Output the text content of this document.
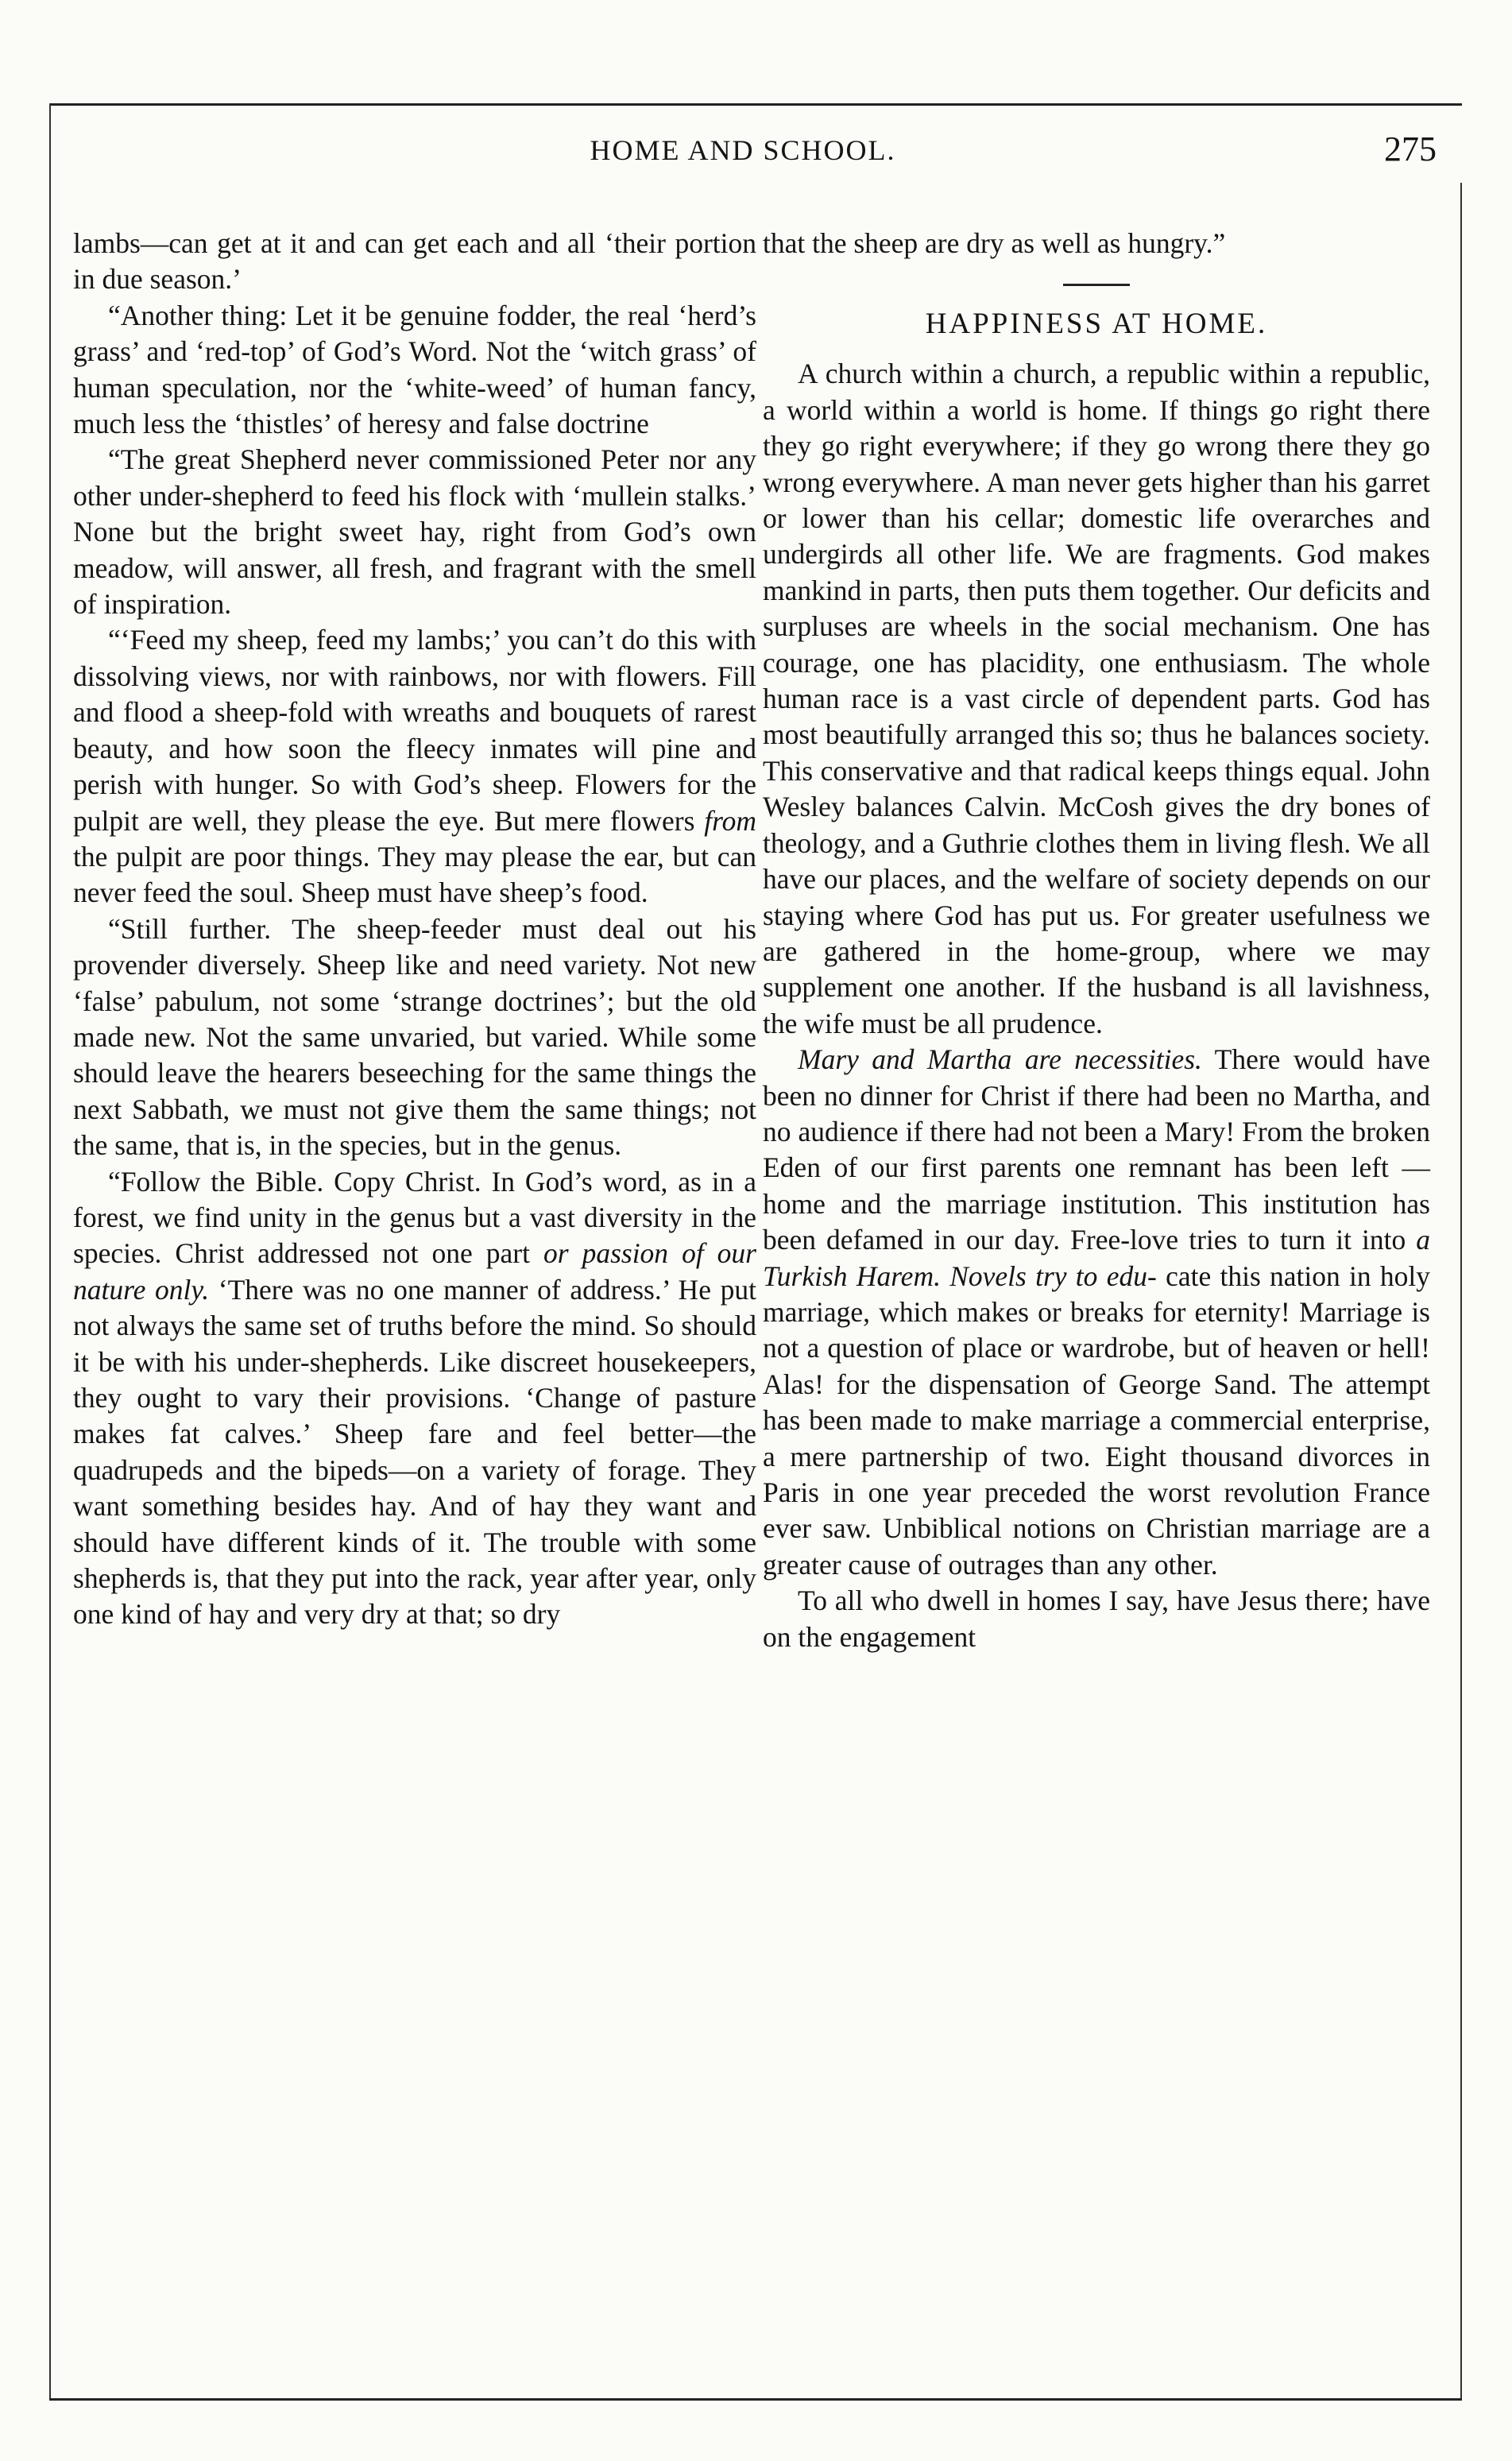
HOME AND SCHOOL.	275

lambs—can get at it and can get each and all ‘their portion in due season.’

“Another thing: Let it be genuine fodder, the real ‘herd’s grass’ and ‘red-top’ of God’s Word. Not the ‘witch grass’ of human speculation, nor the ‘white-weed’ of human fancy, much less the ‘thistles’ of heresy and false doctrine

“The great Shepherd never commissioned Peter nor any other under-shepherd to feed his flock with ‘mullein stalks.’ None but the bright sweet hay, right from God’s own meadow, will answer, all fresh, and fragrant with the smell of inspiration.

“‘Feed my sheep, feed my lambs;’ you can’t do this with dissolving views, nor with rainbows, nor with flowers. Fill and flood a sheep-fold with wreaths and bouquets of rarest beauty, and how soon the fleecy inmates will pine and perish with hunger. So with God’s sheep. Flowers for the pulpit are well, they please the eye. But mere flowers from the pulpit are poor things. They may please the ear, but can never feed the soul. Sheep must have sheep’s food.

“Still further. The sheep-feeder must deal out his provender diversely. Sheep like and need variety. Not new ‘false’ pabulum, not some ‘strange doctrines’; but the old made new. Not the same unvaried, but varied. While some should leave the hearers beseeching for the same things the next Sabbath, we must not give them the same things; not the same, that is, in the species, but in the genus.

“Follow the Bible. Copy Christ. In God’s word, as in a forest, we find unity in the genus but a vast diversity in the species. Christ addressed not one part or passion of our nature only. ‘There was no one manner of address.’ He put not always the same set of truths before the mind. So should it be with his under-shepherds. Like discreet housekeepers, they ought to vary their provisions. ‘Change of pasture makes fat calves.’ Sheep fare and feel better—the quadrupeds and the bipeds—on a variety of forage. They want something besides hay. And of hay they want and should have different kinds of it. The trouble with some shepherds is, that they put into the rack, year after year, only one kind of hay and very dry at that; so dry

that the sheep are dry as well as hungry.”

HAPPINESS AT HOME.

A church within a church, a republic within a republic, a world within a world is home. If things go right there they go right everywhere; if they go wrong there they go wrong everywhere. A man never gets higher than his garret or lower than his cellar; domestic life overarches and undergirds all other life. We are fragments. God makes mankind in parts, then puts them together. Our deficits and surpluses are wheels in the social mechanism. One has courage, one has placidity, one enthusiasm. The whole human race is a vast circle of dependent parts. God has most beautifully arranged this so; thus he balances society. This conservative and that radical keeps things equal. John Wesley balances Calvin. McCosh gives the dry bones of theology, and a Guthrie clothes them in living flesh. We all have our places, and the welfare of society depends on our staying where God has put us. For greater usefulness we are gathered in the home-group, where we may supplement one another. If the husband is all lavishness, the wife must be all prudence.

Mary and Martha are necessities. There would have been no dinner for Christ if there had been no Martha, and no audience if there had not been a Mary! From the broken Eden of our first parents one remnant has been left —home and the marriage institution. This institution has been defamed in our day. Free-love tries to turn it into a Turkish Harem. Novels try to edu- cate this nation in holy marriage, which makes or breaks for eternity! Marriage is not a question of place or wardrobe, but of heaven or hell! Alas! for the dispensation of George Sand. The attempt has been made to make marriage a commercial enterprise, a mere partnership of two. Eight thousand divorces in Paris in one year preceded the worst revolution France ever saw. Unbiblical notions on Christian marriage are a greater cause of outrages than any other.

To all who dwell in homes I say, have Jesus there; have on the engagement
